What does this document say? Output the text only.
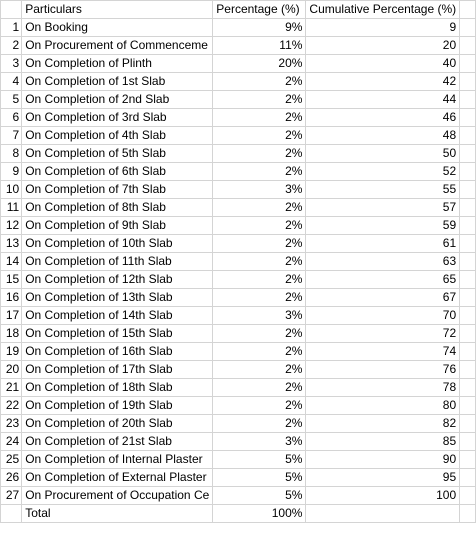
	Particulars	Percentage (%)	Cumulative Percentage (%)	
1	On Booking	9%	9	
2	On Procurement of Commenceme	11%	20	
3	On Completion of Plinth	20%	40	
4	On Completion of 1st Slab	2%	42	
5	On Completion of 2nd Slab	2%	44	
6	On Completion of 3rd Slab	2%	46	
7	On Completion of 4th Slab	2%	48	
8	On Completion of 5th Slab	2%	50	
9	On Completion of 6th Slab	2%	52	
10	On Completion of 7th Slab	3%	55	
11	On Completion of 8th Slab	2%	57	
12	On Completion of 9th Slab	2%	59	
13	On Completion of 10th Slab	2%	61	
14	On Completion of 11th Slab	2%	63	
15	On Completion of 12th Slab	2%	65	
16	On Completion of 13th Slab	2%	67	
17	On Completion of 14th Slab	3%	70	
18	On Completion of 15th Slab	2%	72	
19	On Completion of 16th Slab	2%	74	
20	On Completion of 17th Slab	2%	76	
21	On Completion of 18th Slab	2%	78	
22	On Completion of 19th Slab	2%	80	
23	On Completion of 20th Slab	2%	82	
24	On Completion of 21st Slab	3%	85	
25	On Completion of Internal Plaster	5%	90	
26	On Completion of External Plaster	5%	95	
27	On Procurement of Occupation Ce	5%	100	
	Total	100%		
